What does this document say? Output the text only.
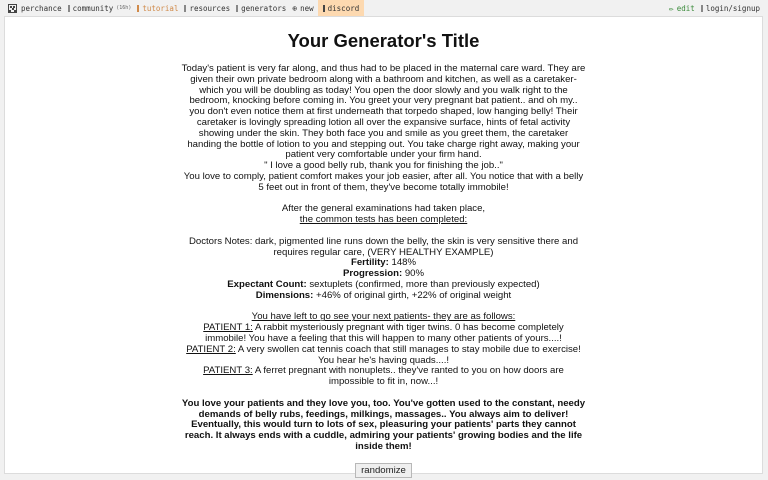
perchance community (16h) tutorial resources generators ⊕ new discord	✏ edit login/signup
Your Generator's Title
Today's patient is very far along, and thus had to be placed in the maternal care ward. They are given their own private bedroom along with a bathroom and kitchen, as well as a caretaker- which you will be doubling as today! You open the door slowly and you walk right to the bedroom, knocking before coming in. You greet your very pregnant bat patient.. and oh my.. you don't even notice them at first underneath that torpedo shaped, low hanging belly! Their caretaker is lovingly spreading lotion all over the expansive surface, hints of fetal activity showing under the skin. They both face you and smile as you greet them, the caretaker handing the bottle of lotion to you and stepping out. You take charge right away, making your patient very comfortable under your firm hand.
" I love a good belly rub, thank you for finishing the job.."
You love to comply, patient comfort makes your job easier, after all. You notice that with a belly 5 feet out in front of them, they've become totally immobile!
After the general examinations had taken place,
the common tests has been completed:
Doctors Notes: dark, pigmented line runs down the belly, the skin is very sensitive there and requires regular care, (VERY HEALTHY EXAMPLE)
Fertility: 148%
Progression: 90%
Expectant Count: sextuplets (confirmed, more than previously expected)
Dimensions: +46% of original girth, +22% of original weight
You have left to go see your next patients- they are as follows:
PATIENT 1: A rabbit mysteriously pregnant with tiger twins. 0 has become completely immobile! You have a feeling that this will happen to many other patients of yours....!
PATIENT 2: A very swollen cat tennis coach that still manages to stay mobile due to exercise! You hear he's having quads....!
PATIENT 3: A ferret pregnant with nonuplets.. they've ranted to you on how doors are impossible to fit in, now...!
You love your patients and they love you, too. You've gotten used to the constant, needy demands of belly rubs, feedings, milkings, massages.. You always aim to deliver! Eventually, this would turn to lots of sex, pleasuring your patients' parts they cannot reach. It always ends with a cuddle, admiring your patients' growing bodies and the life inside them!
randomize
